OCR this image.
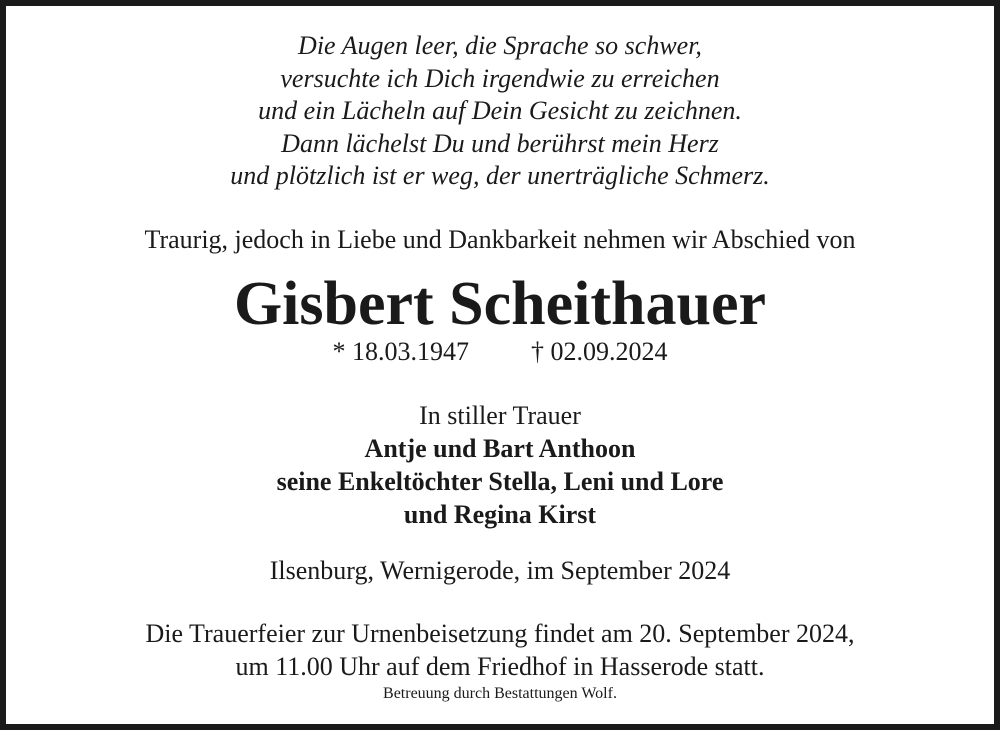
Die Augen leer, die Sprache so schwer,
versuchte ich Dich irgendwie zu erreichen
und ein Lächeln auf Dein Gesicht zu zeichnen.
Dann lächelst Du und berührst mein Herz
und plötzlich ist er weg, der unerträgliche Schmerz.
Traurig, jedoch in Liebe und Dankbarkeit nehmen wir Abschied von
Gisbert Scheithauer
* 18.03.1947 † 02.09.2024
In stiller Trauer
Antje und Bart Anthoon
seine Enkeltöchter Stella, Leni und Lore
und Regina Kirst
Ilsenburg, Wernigerode, im September 2024
Die Trauerfeier zur Urnenbeisetzung findet am 20. September 2024,
um 11.00 Uhr auf dem Friedhof in Hasserode statt.
Betreuung durch Bestattungen Wolf.
